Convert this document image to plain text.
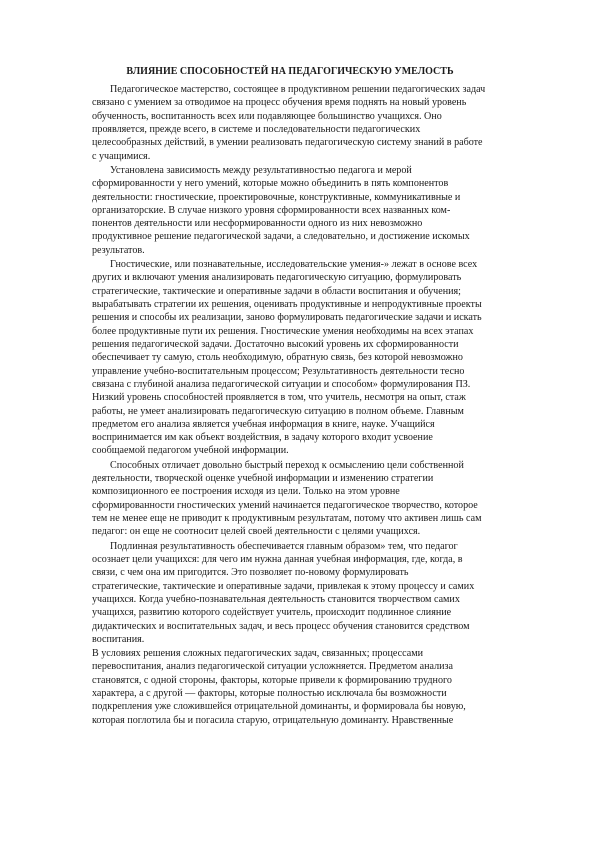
ВЛИЯНИЕ СПОСОБНОСТЕЙ НА ПЕДАГОГИЧЕСКУЮ УМЕЛОСТЬ

Педагогическое мастерство, состоящее в продуктивном решении педагогических задач
связано с умением за отводимое на процесс обучения время поднять на новый уровень
обученность, воспитанность всех или подавляющее большинство учащихся. Оно
проявляется, прежде всего, в системе и последовательности педагогических
целесообразных действий, в умении реализовать педагогическую систему знаний в работе
с учащимися.

Установлена зависимость между результативностью педагога и мерой
сформированности у него умений, которые можно объединить в пять компонентов
деятельности: гностические, проектировочные, конструктивные, коммуникативные и
организаторские. В случае низкого уровня сформированности всех названных ком-
понентов деятельности или несформированности одного из них невозможно
продуктивное решение педагогической задачи, а следовательно, и достижение искомых
результатов.

Гностические, или познавательные, исследовательские умения-» лежат в основе всех
других и включают умения анализировать педагогическую ситуацию, формулировать
стратегические, тактические и оперативные задачи в области воспитания и обучения;
вырабатывать стратегии их решения, оценивать продуктивные и непродуктивные проекты
решения и способы их реализации, заново формулировать педагогические задачи и искать
более продуктивные пути их решения. Гностические умения необходимы на всех этапах
решения педагогической задачи. Достаточно высокий уровень их сформированности
обеспечивает ту самую, столь необходимую, обратную связь, без которой невозможно
управление учебно-воспитательным процессом; Результативность деятельности тесно
связана с глубиной анализа педагогической ситуации и способом» формулирования ПЗ.
Низкий уровень способностей проявляется в том, что учитель, несмотря на опыт, стаж
работы, не умеет анализировать педагогическую ситуацию в полном объеме. Главным
предметом его анализа является учебная информация в книге, науке. Учащийся
воспринимается им как объект воздействия, в задачу которого входит усвоение
сообщаемой педагогом учебной информации.

Способных отличает довольно быстрый переход к осмыслению цели собственной
деятельности, творческой оценке учебной информации и изменению стратегии
композиционного ее построения исходя из цели. Только на этом уровне
сформированности гностических умений начинается педагогическое творчество, которое
тем не менее еще не приводит к продуктивным результатам, потому что активен лишь сам
педагог: он еще не соотносит целей своей деятельности с целями учащихся.

Подлинная результативность обеспечивается главным образом» тем, что педагог
осознает цели учащихся: для чего им нужна данная учебная информация, где, когда, в
связи, с чем она им пригодится. Это позволяет по-новому формулировать
стратегические, тактические и оперативные задачи, привлекая к этому процессу и самих
учащихся. Когда учебно-познавательная деятельность становится творчеством самих
учащихся, развитию которого содействует учитель, происходит подлинное слияние
дидактических и воспитательных задач, и весь процесс обучения становится средством
воспитания.

В условиях решения сложных педагогических задач, связанных; процессами
перевоспитания, анализ педагогической ситуации усложняется. Предметом анализа
становятся, с одной стороны, факторы, которые привели к формированию трудного
характера, а с другой — факторы, которые полностью исключала бы возможности
подкрепления уже сложившейся отрицательной доминанты, и формировала бы новую,
которая поглотила бы и погасила старую, отрицательную доминанту. Нравственные
